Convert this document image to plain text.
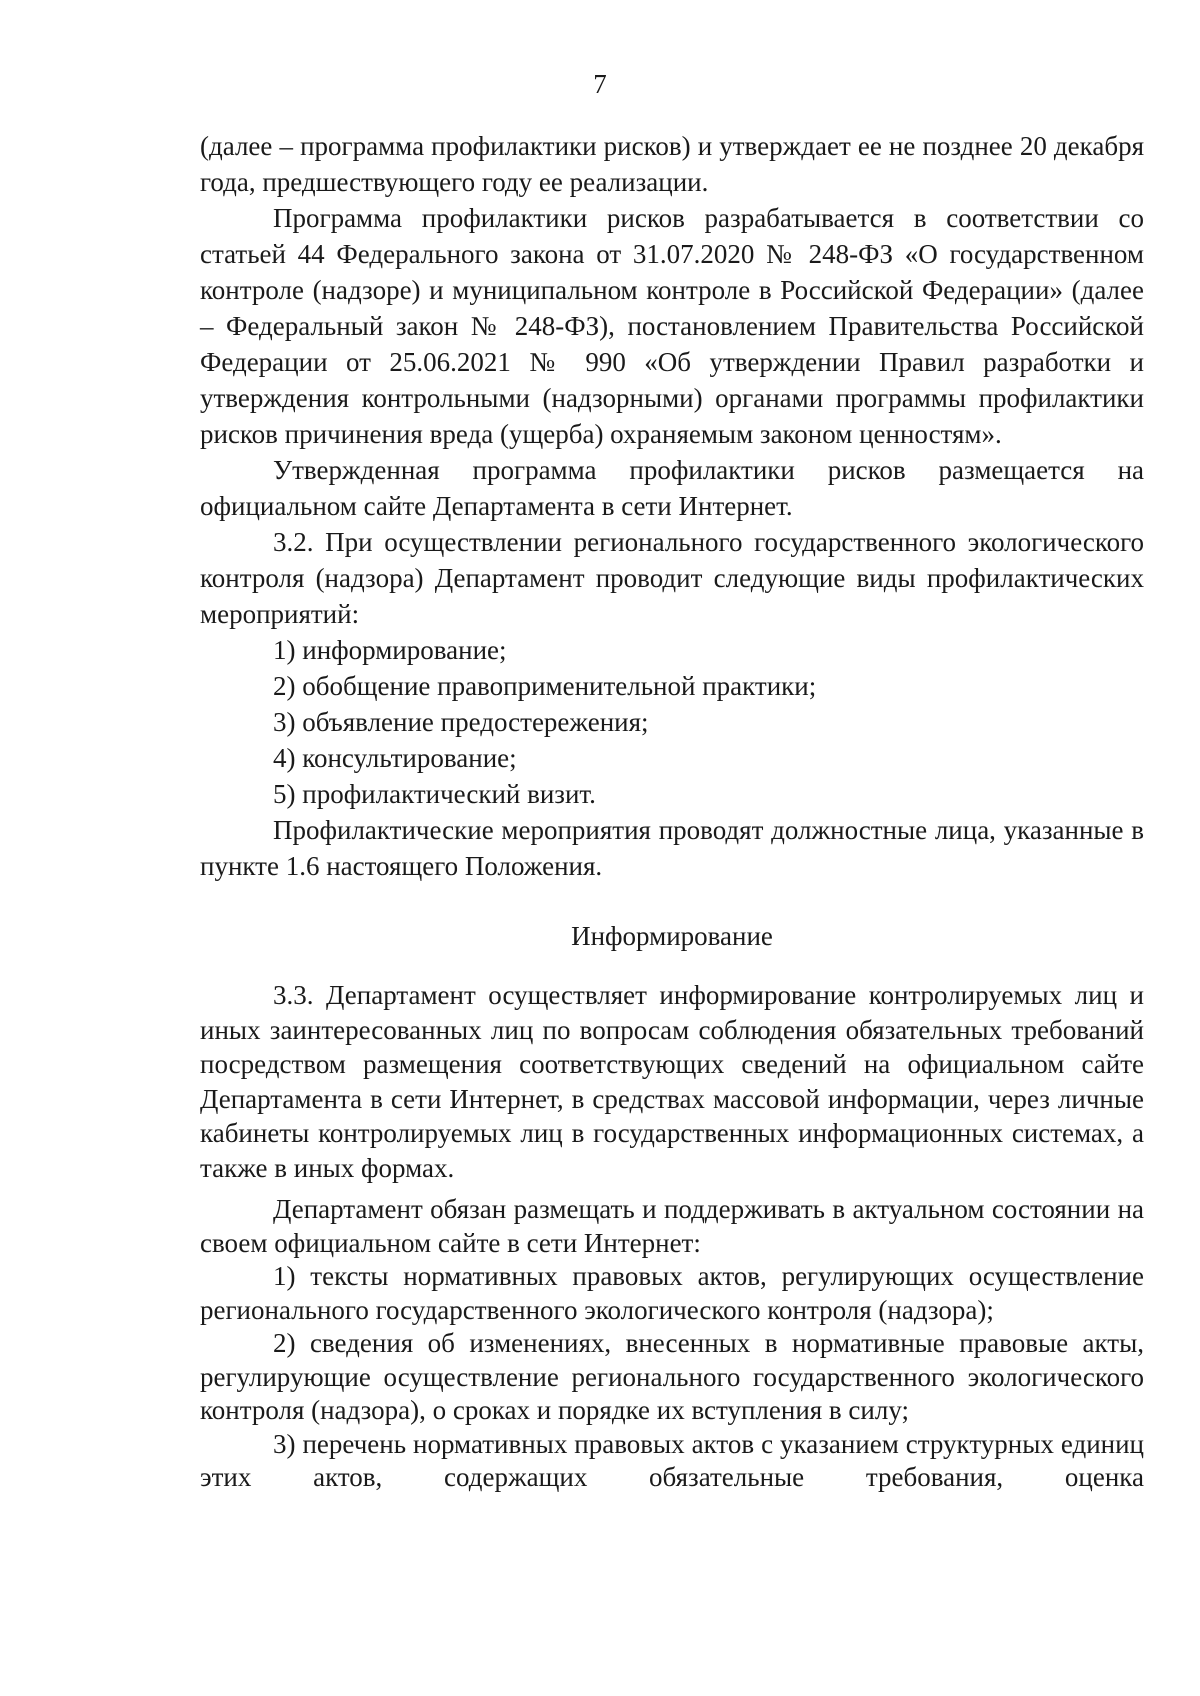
7

(далее – программа профилактики рисков) и утверждает ее не позднее 20 декабря года, предшествующего году ее реализации.

Программа профилактики рисков разрабатывается в соответствии со статьей 44 Федерального закона от 31.07.2020 № 248-ФЗ «О государственном контроле (надзоре) и муниципальном контроле в Российской Федерации» (далее – Федеральный закон № 248-ФЗ), постановлением Правительства Российской Федерации от 25.06.2021 № 990 «Об утверждении Правил разработки и утверждения контрольными (надзорными) органами программы профилактики рисков причинения вреда (ущерба) охраняемым законом ценностям».

Утвержденная программа профилактики рисков размещается на официальном сайте Департамента в сети Интернет.

3.2. При осуществлении регионального государственного экологического контроля (надзора) Департамент проводит следующие виды профилактических мероприятий:

1) информирование;

2) обобщение правоприменительной практики;

3) объявление предостережения;

4) консультирование;

5) профилактический визит.

Профилактические мероприятия проводят должностные лица, указанные в пункте 1.6 настоящего Положения.

Информирование

3.3. Департамент осуществляет информирование контролируемых лиц и иных заинтересованных лиц по вопросам соблюдения обязательных требований посредством размещения соответствующих сведений на официальном сайте Департамента в сети Интернет, в средствах массовой информации, через личные кабинеты контролируемых лиц в государственных информационных системах, а также в иных формах.

Департамент обязан размещать и поддерживать в актуальном состоянии на своем официальном сайте в сети Интернет:

1) тексты нормативных правовых актов, регулирующих осуществление регионального государственного экологического контроля (надзора);

2) сведения об изменениях, внесенных в нормативные правовые акты, регулирующие осуществление регионального государственного экологического контроля (надзора), о сроках и порядке их вступления в силу;

3) перечень нормативных правовых актов с указанием структурных единиц этих актов, содержащих обязательные требования, оценка
